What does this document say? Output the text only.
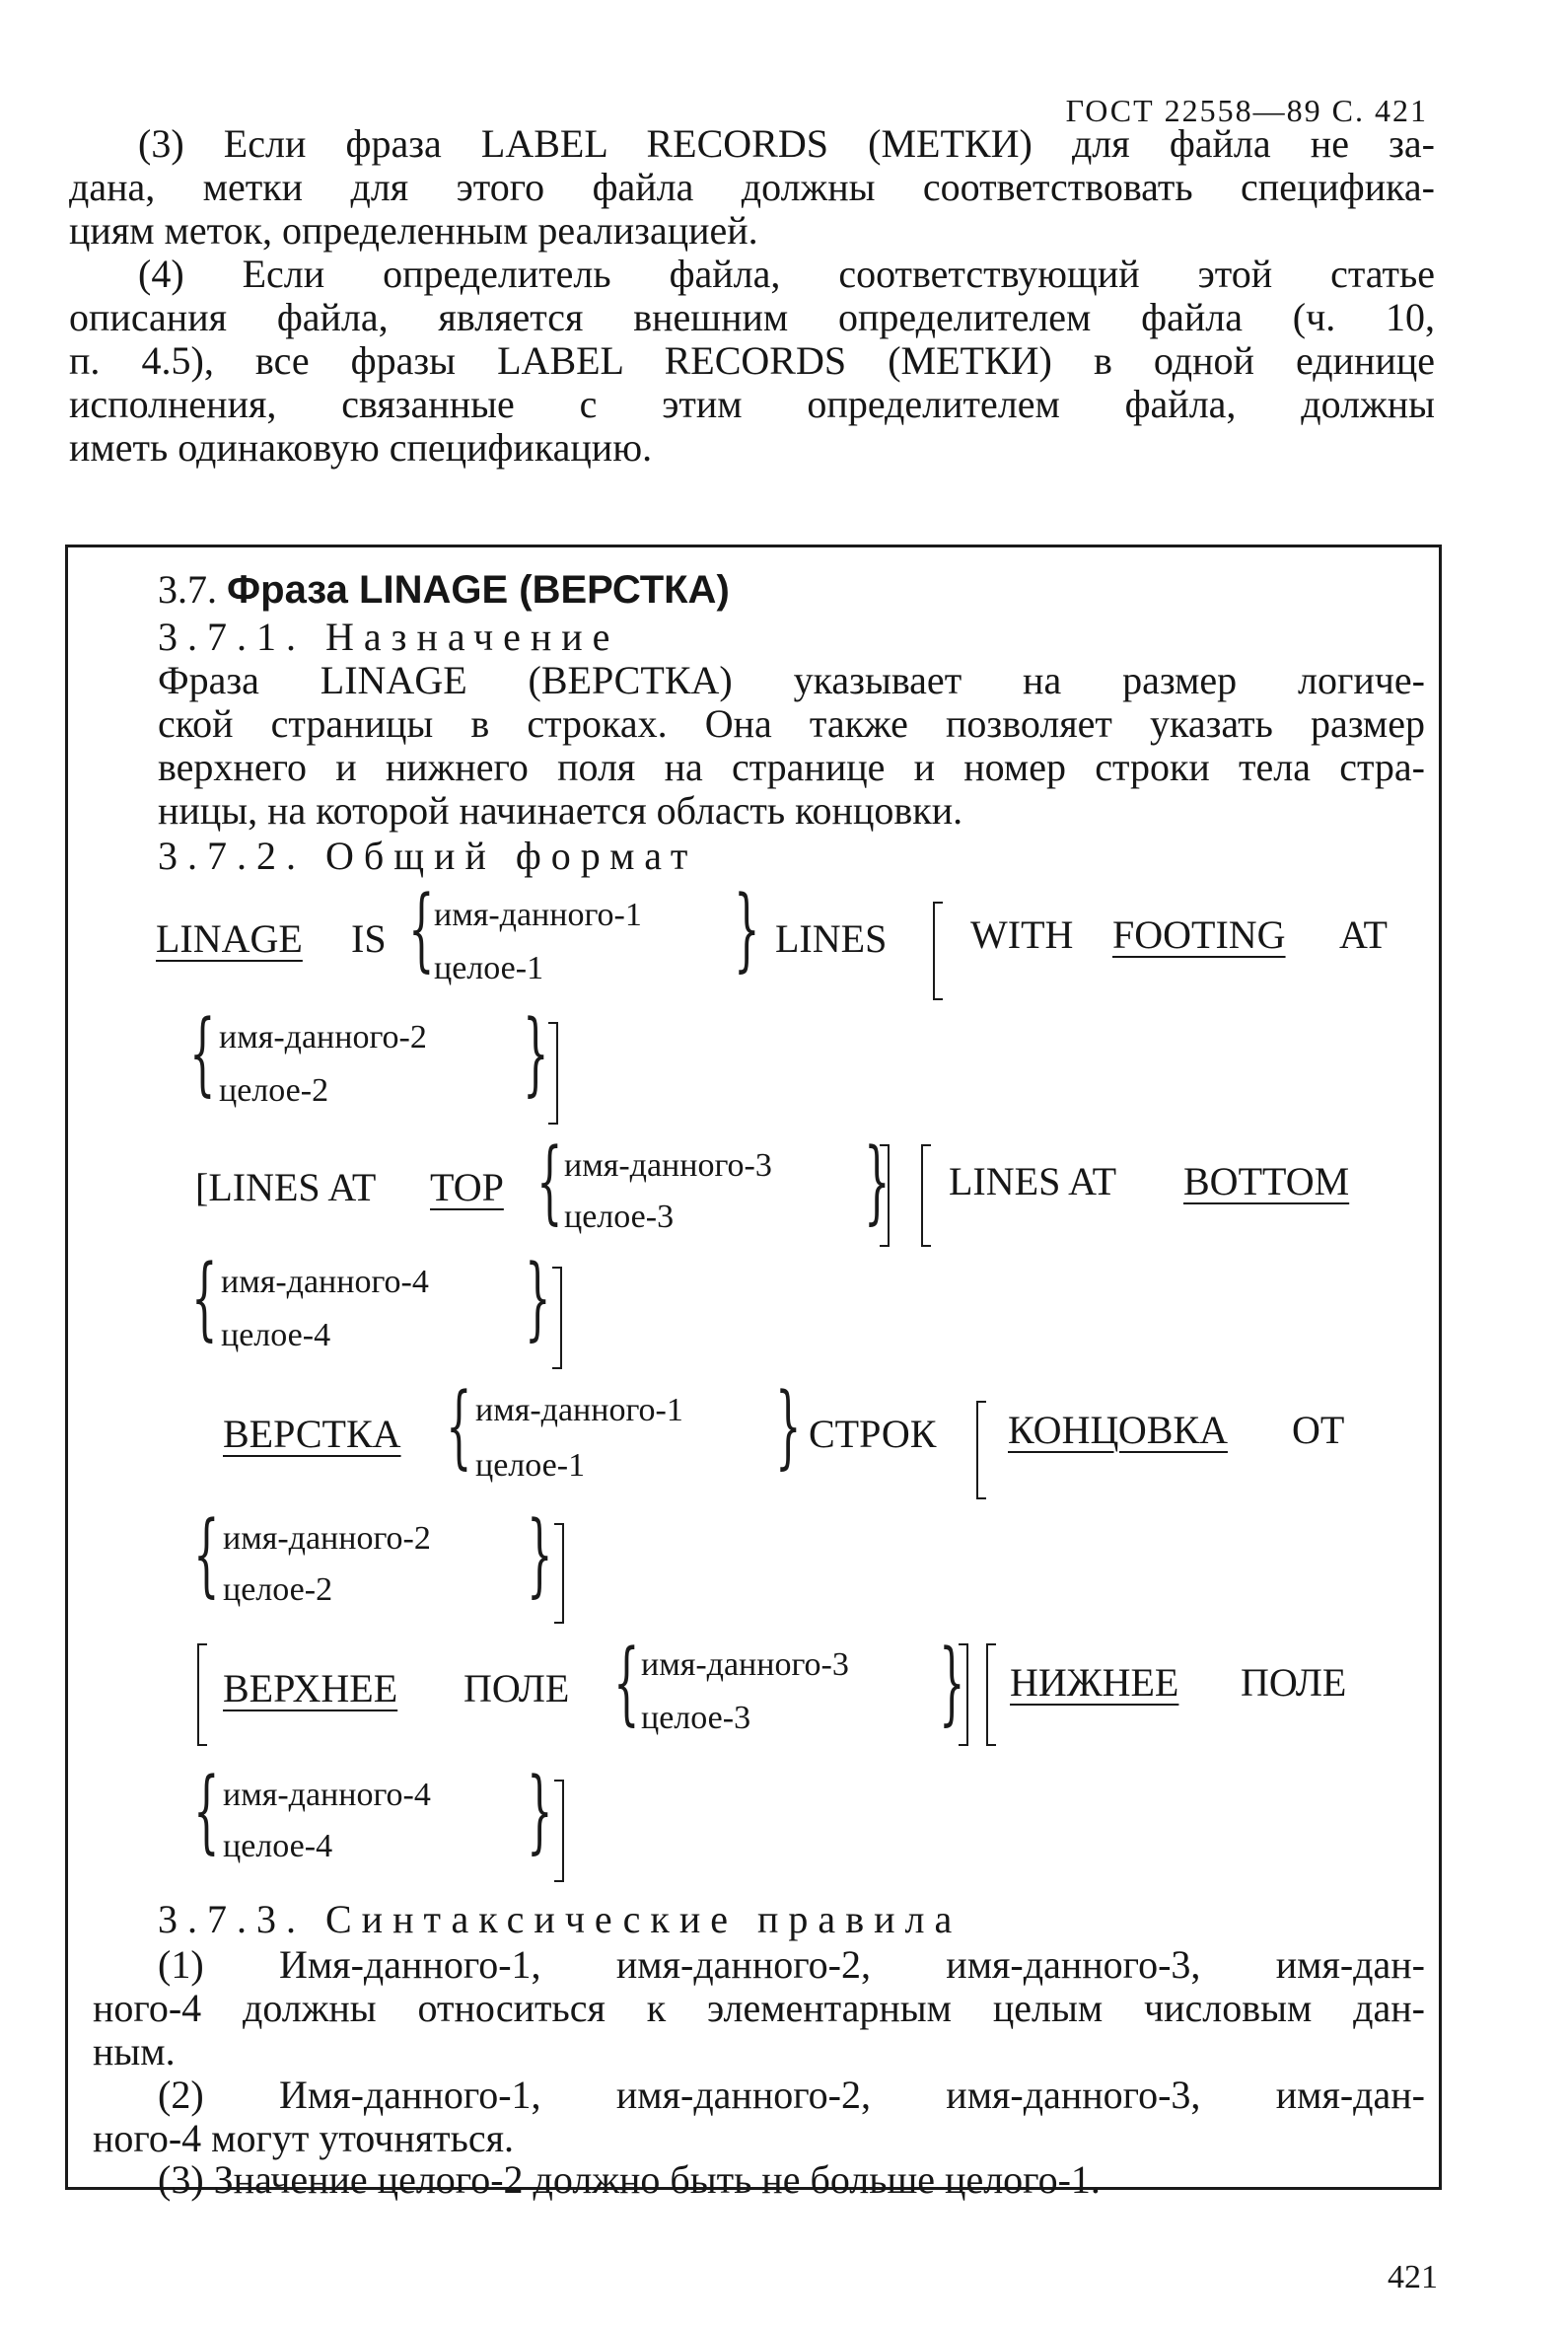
ГОСТ 22558—89 С. 421
(3) Если фраза LABEL RECORDS (МЕТКИ) для файла не за-
дана, метки для этого файла должны соответствовать специфика-
циям меток, определенным реализацией.
(4) Если определитель файла, соответствующий этой статье
описания файла, является внешним определителем файла (ч. 10,
п. 4.5), все фразы LABEL RECORDS (МЕТКИ) в одной единице
исполнения, связанные с этим определителем файла, должны
иметь одинаковую спецификацию.
3.7. Фраза LINAGE (ВЕРСТКА)
3.7.1. Назначение
Фраза LINAGE (ВЕРСТКА) указывает на размер логиче-
ской страницы в строках. Она также позволяет указать размер
верхнего и нижнего поля на странице и номер строки тела стра-
ницы, на которой начинается область концовки.
3.7.2. Общий формат
LINAGE IS { имя-данного-1
целое-1 } LINES WITH FOOTING AT
{ имя-данного-2
целое-2 }
[LINES AT TOP { имя-данного-3
целое-3 } LINES AT BOTTOM
{ имя-данного-4
целое-4 }
ВЕРСТКА { имя-данного-1
целое-1 } СТРОК КОНЦОВКА ОТ
{ имя-данного-2
целое-2 }
ВЕРХНЕЕ ПОЛЕ { имя-данного-3
целое-3 } НИЖНЕЕ ПОЛЕ
{ имя-данного-4
целое-4 }
3.7.3. Синтаксические правила
(1) Имя-данного-1, имя-данного-2, имя-данного-3, имя-дан-
ного-4 должны относиться к элементарным целым числовым дан-
ным.
(2) Имя-данного-1, имя-данного-2, имя-данного-3, имя-дан-
ного-4 могут уточняться.
(3) Значение целого-2 должно быть не больше целого-1.
421
